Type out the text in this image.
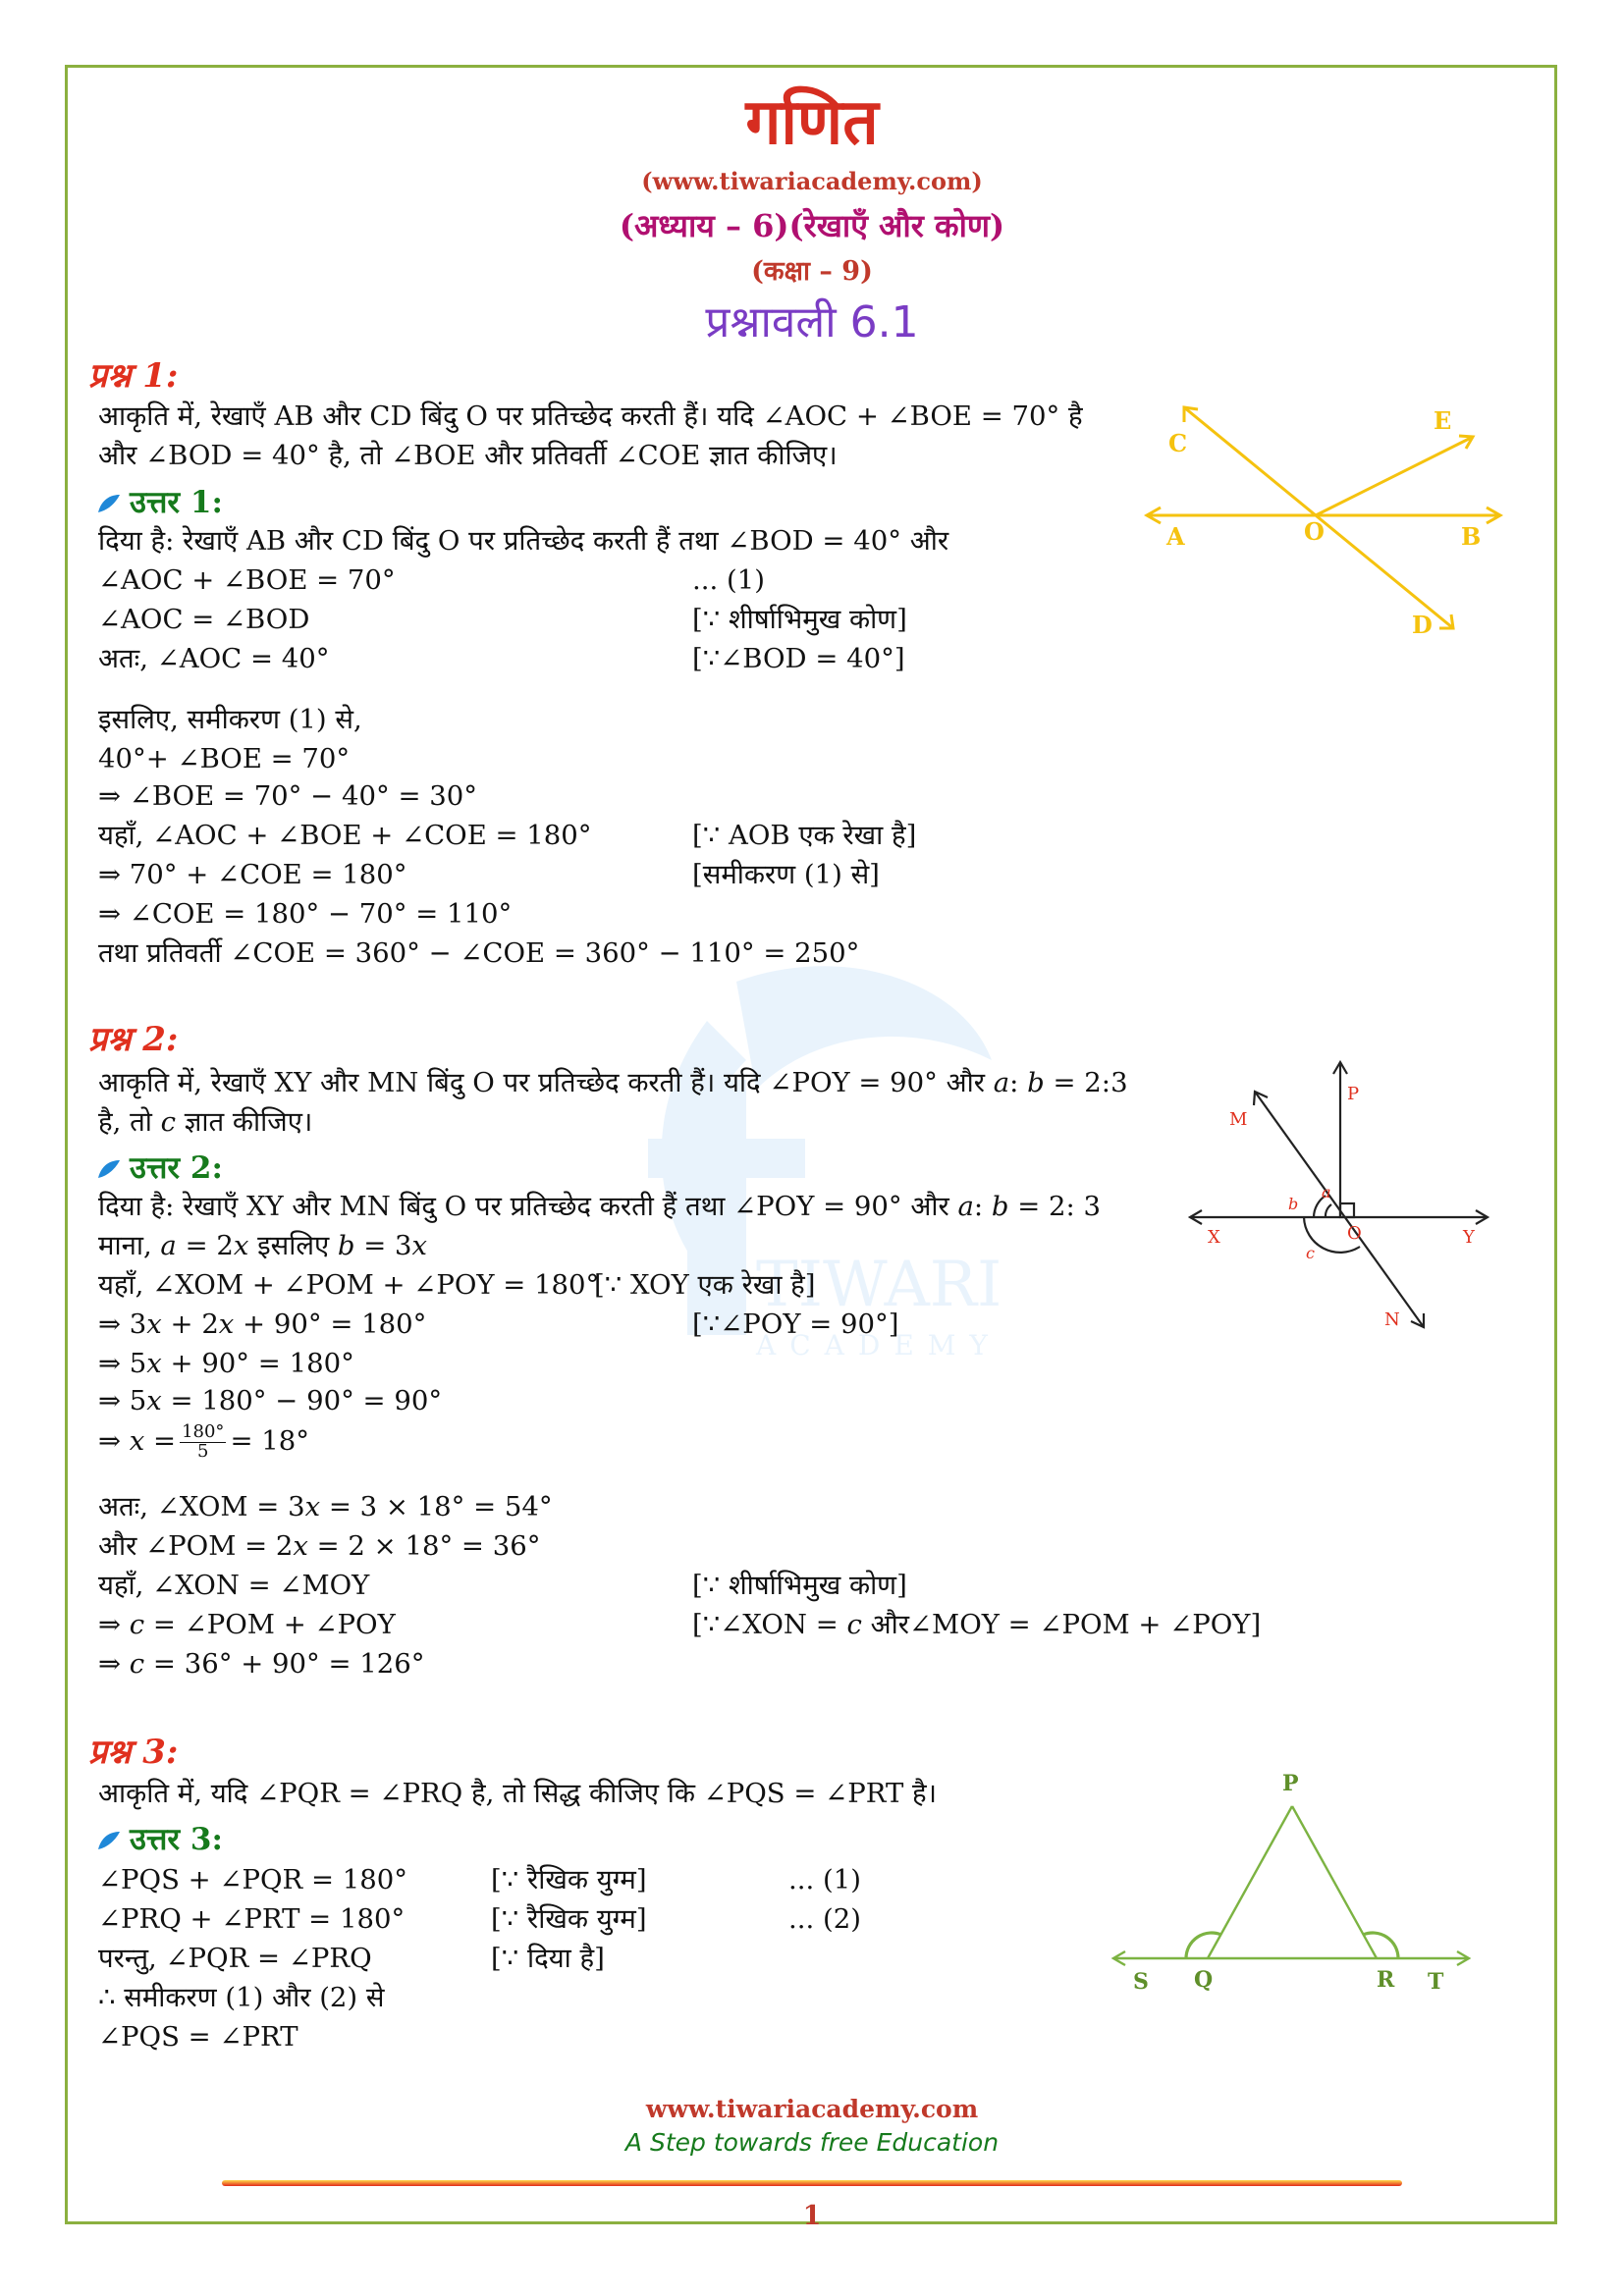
TIWARI
ACADEMY
गणित
(www.tiwariacademy.com)
(अध्याय – 6)(रेखाएँ और कोण)
(कक्षा – 9)
प्रश्नावली 6.1
प्रश्न 1:
आकृति में, रेखाएँ AB और CD बिंदु O पर प्रतिच्छेद करती हैं। यदि ∠AOC + ∠BOE = 70° है
और ∠BOD = 40° है, तो ∠BOE और प्रतिवर्ती ∠COE ज्ञात कीजिए।
उत्तर 1:
दिया है: रेखाएँ AB और CD बिंदु O पर प्रतिच्छेद करती हैं तथा ∠BOD = 40° और
∠AOC + ∠BOE = 70°	... (1)
∠AOC = ∠BOD	[∵ शीर्षाभिमुख कोण]
अतः, ∠AOC = 40°	[∵∠BOD = 40°]
इसलिए, समीकरण (1) से,
40°+ ∠BOE = 70°
⇒ ∠BOE = 70° − 40° = 30°
यहाँ, ∠AOC + ∠BOE + ∠COE = 180°	[∵ AOB एक रेखा है]
⇒ 70° + ∠COE = 180°	[समीकरण (1) से]
⇒ ∠COE = 180° − 70° = 110°
तथा प्रतिवर्ती ∠COE = 360° − ∠COE = 360° − 110° = 250°
C
E
A	O	B
D
प्रश्न 2:
आकृति में, रेखाएँ XY और MN बिंदु O पर प्रतिच्छेद करती हैं। यदि ∠POY = 90° और 𝑎: 𝑏 = 2:3
है, तो 𝑐 ज्ञात कीजिए।
उत्तर 2:
दिया है: रेखाएँ XY और MN बिंदु O पर प्रतिच्छेद करती हैं तथा ∠POY = 90° और 𝑎: 𝑏 = 2: 3
माना, 𝑎 = 2𝑥 इसलिए 𝑏 = 3𝑥
यहाँ, ∠XOM + ∠POM + ∠POY = 180°
[∵ XOY एक रेखा है]
⇒ 3𝑥 + 2𝑥 + 90° = 180°	[∵∠POY = 90°]
⇒ 5𝑥 + 90° = 180°
⇒ 5𝑥 = 180° − 90° = 90°
⇒ 𝑥 = $\frac{180^\circ}{5} = 18^\circ$
अतः, ∠XOM = 3𝑥 = 3 × 18° = 54°
और ∠POM = 2𝑥 = 2 × 18° = 36°
यहाँ, ∠XON = ∠MOY	[∵ शीर्षाभिमुख कोण]
⇒ 𝑐 = ∠POM + ∠POY	[∵∠XON = 𝑐 और∠MOY = ∠POM + ∠POY]
⇒ 𝑐 = 36° + 90° = 126°
P
M
X	O	Y
N
a
b
c
प्रश्न 3:
आकृति में, यदि ∠PQR = ∠PRQ है, तो सिद्ध कीजिए कि ∠PQS = ∠PRT है।
उत्तर 3:
∠PQS + ∠PQR = 180°	[∵ रैखिक युग्म]	... (1)
∠PRQ + ∠PRT = 180°	[∵ रैखिक युग्म]	... (2)
परन्तु, ∠PQR = ∠PRQ	[∵ दिया है]
∴ समीकरण (1) और (2) से
∠PQS = ∠PRT
P
S Q	R T
www.tiwariacademy.com
A Step towards free Education
1
